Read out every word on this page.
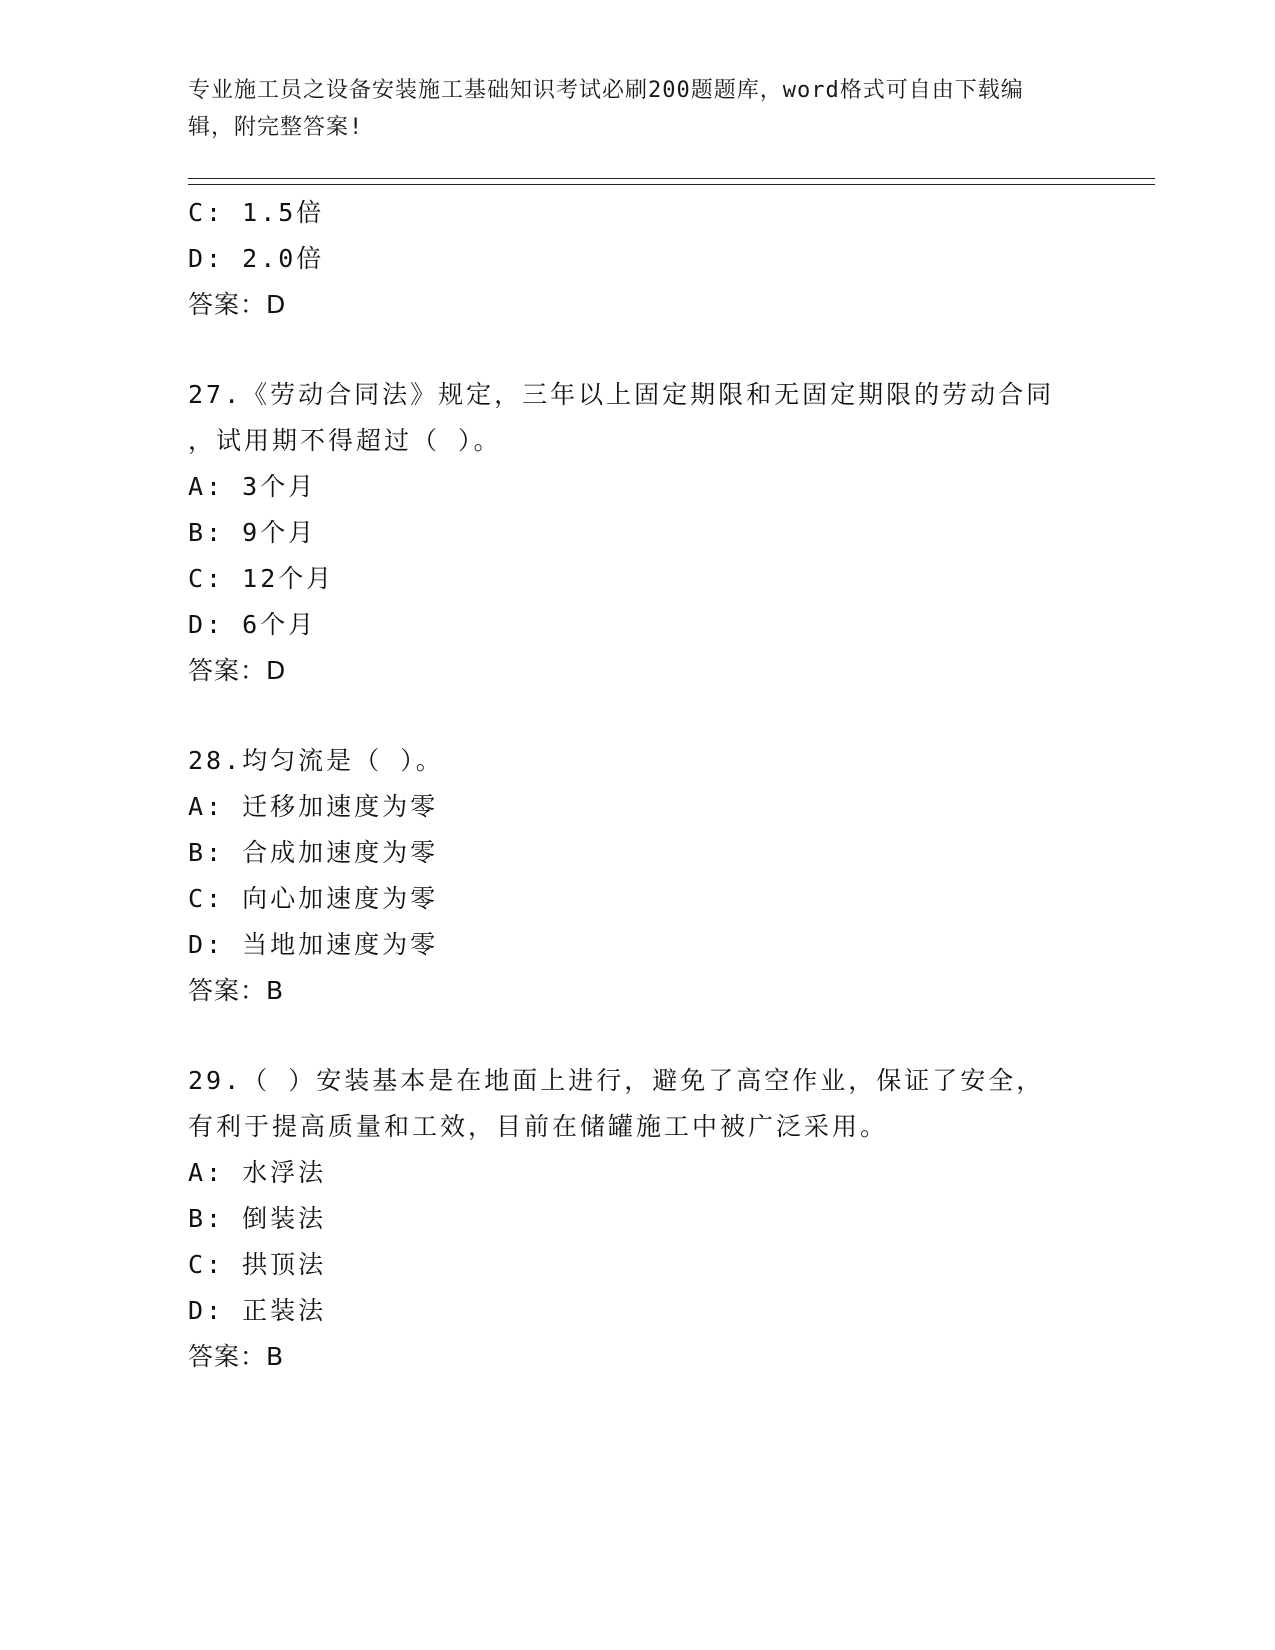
专业施工员之设备安装施工基础知识考试必刷200题题库，word格式可自由下载编辑，附完整答案!
C: 1.5倍
D: 2.0倍
答案：D
27.《劳动合同法》规定，三年以上固定期限和无固定期限的劳动合同
，试用期不得超过（ ）。
A: 3个月
B: 9个月
C: 12个月
D: 6个月
答案：D
28.均匀流是（ ）。
A: 迁移加速度为零
B: 合成加速度为零
C: 向心加速度为零
D: 当地加速度为零
答案：B
29.（ ）安装基本是在地面上进行，避免了高空作业，保证了安全，
有利于提高质量和工效，目前在储罐施工中被广泛采用。
A: 水浮法
B: 倒装法
C: 拱顶法
D: 正装法
答案：B
